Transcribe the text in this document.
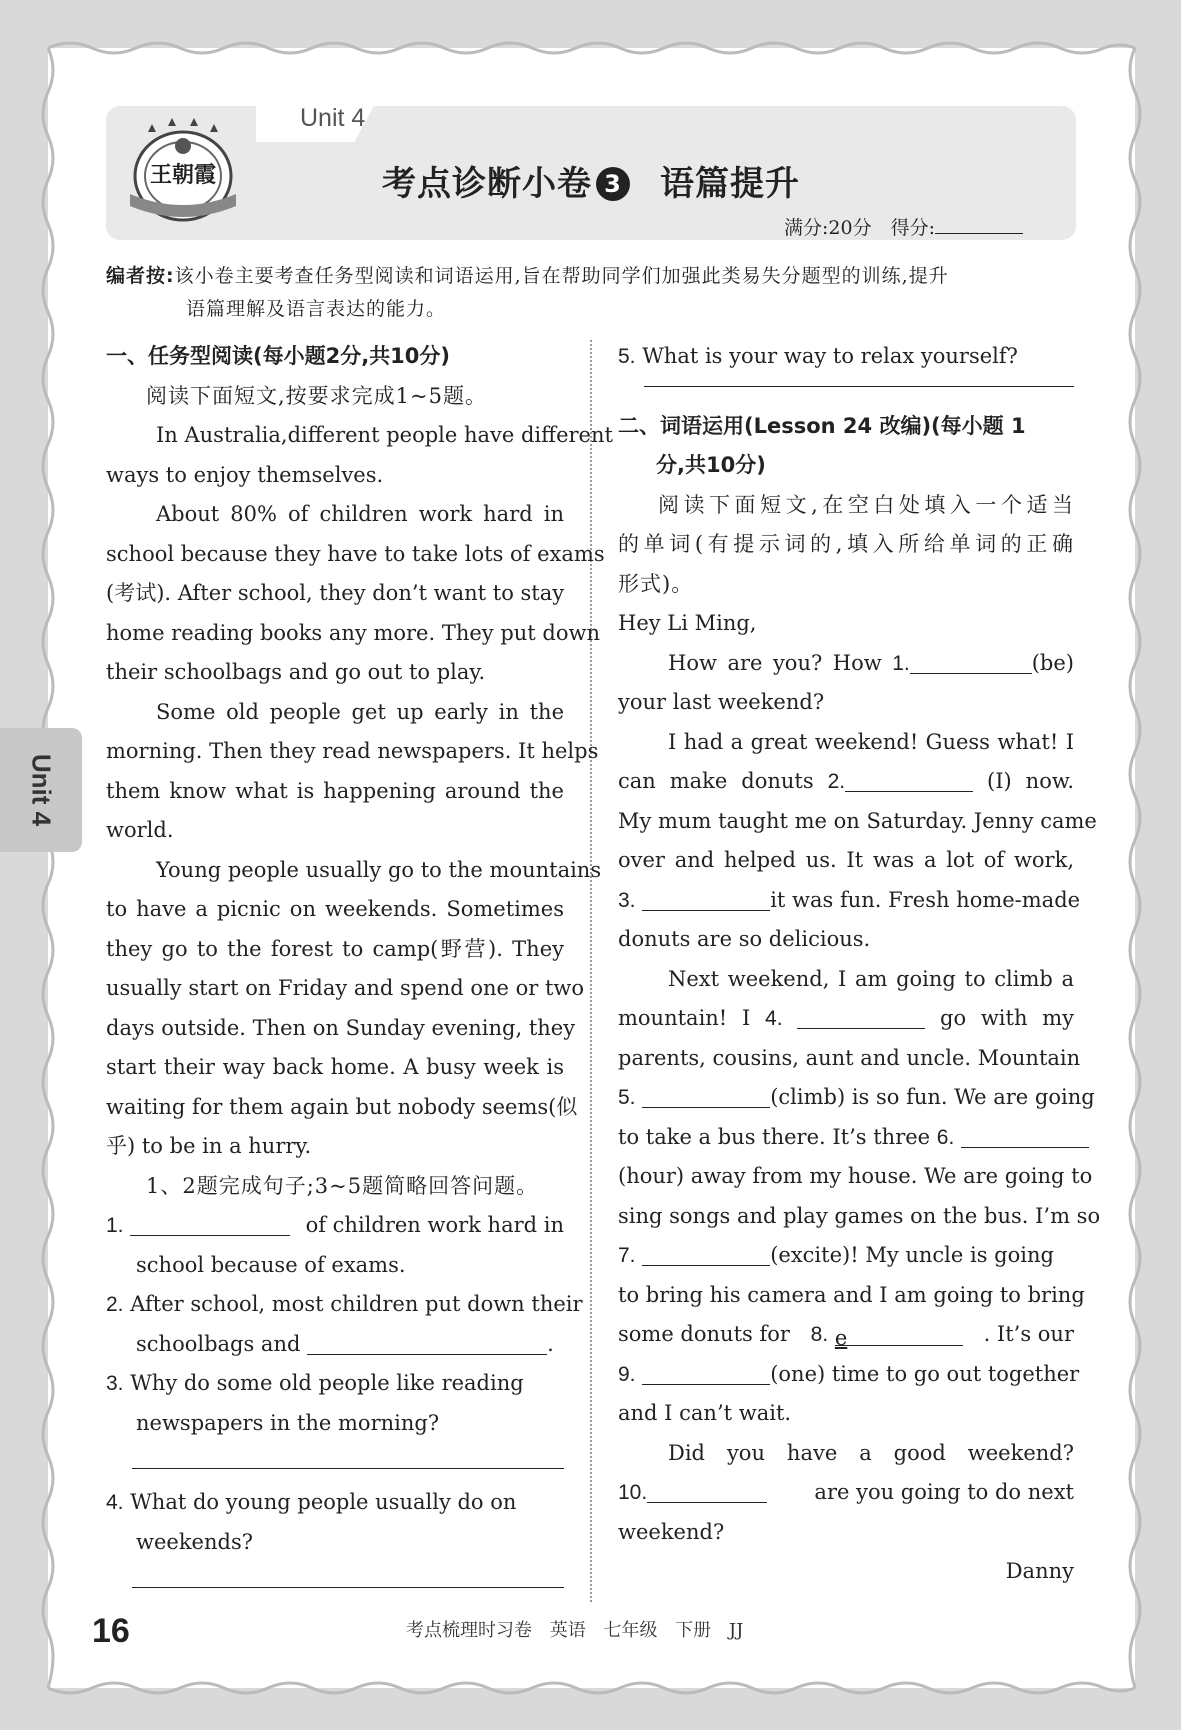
Unit 4
王朝霞	考点诊断小卷 3 语篇提升
满分:20分　得分:
编者按:该小卷主要考查任务型阅读和词语运用,旨在帮助同学们加强此类易失分题型的训练,提升
语篇理解及语言表达的能力。
Unit 4
一、任务型阅读(每小题2分,共10分)
阅读下面短文,按要求完成1~5题。
In Australia,different people have different
ways to enjoy themselves.
About 80% of children work hard in
school because they have to take lots of exams
(考试). After school, they don’t want to stay
home reading books any more. They put down
their schoolbags and go out to play.
Some old people get up early in the
morning. Then they read newspapers. It helps
them know what is happening around the
world.
Young people usually go to the mountains
to have a picnic on weekends. Sometimes
they go to the forest to camp(野营). They
usually start on Friday and spend one or two
days outside. Then on Sunday evening, they
start their way back home. A busy week is
waiting for them again but nobody seems(似
乎) to be in a hurry.
1、2题完成句子;3~5题简略回答问题。
1.	of children work hard in
school because of exams.
2. After school, most children put down their
schoolbags and	.
3. Why do some old people like reading
newspapers in the morning?
4. What do young people usually do on
weekends?
5. What is your way to relax yourself?
二、词语运用(Lesson 24 改编)(每小题 1
分,共10分)
阅读下面短文,在空白处填入一个适当
的单词(有提示词的,填入所给单词的正确
形式)。
Hey Li Ming,
How are you? How 1.	(be)
your last weekend?
I had a great weekend! Guess what! I
can make donuts 2.	(I) now.
My mum taught me on Saturday. Jenny came
over and helped us. It was a lot of work,
3.	it was fun. Fresh home-made
donuts are so delicious.
Next weekend, I am going to climb a
mountain! I 4.	go with my
parents, cousins, aunt and uncle. Mountain
5.	(climb) is so fun. We are going
to take a bus there. It’s three 6.
(hour) away from my house. We are going to
sing songs and play games on the bus. I’m so
7.	(excite)! My uncle is going
to bring his camera and I am going to bring
some donuts for 8. e	. It’s our
9.	(one) time to go out together
and I can’t wait.
Did you have a good weekend?
10.	are you going to do next
weekend?
Danny
16	考点梳理时习卷 英语 七年级 下册 JJ
